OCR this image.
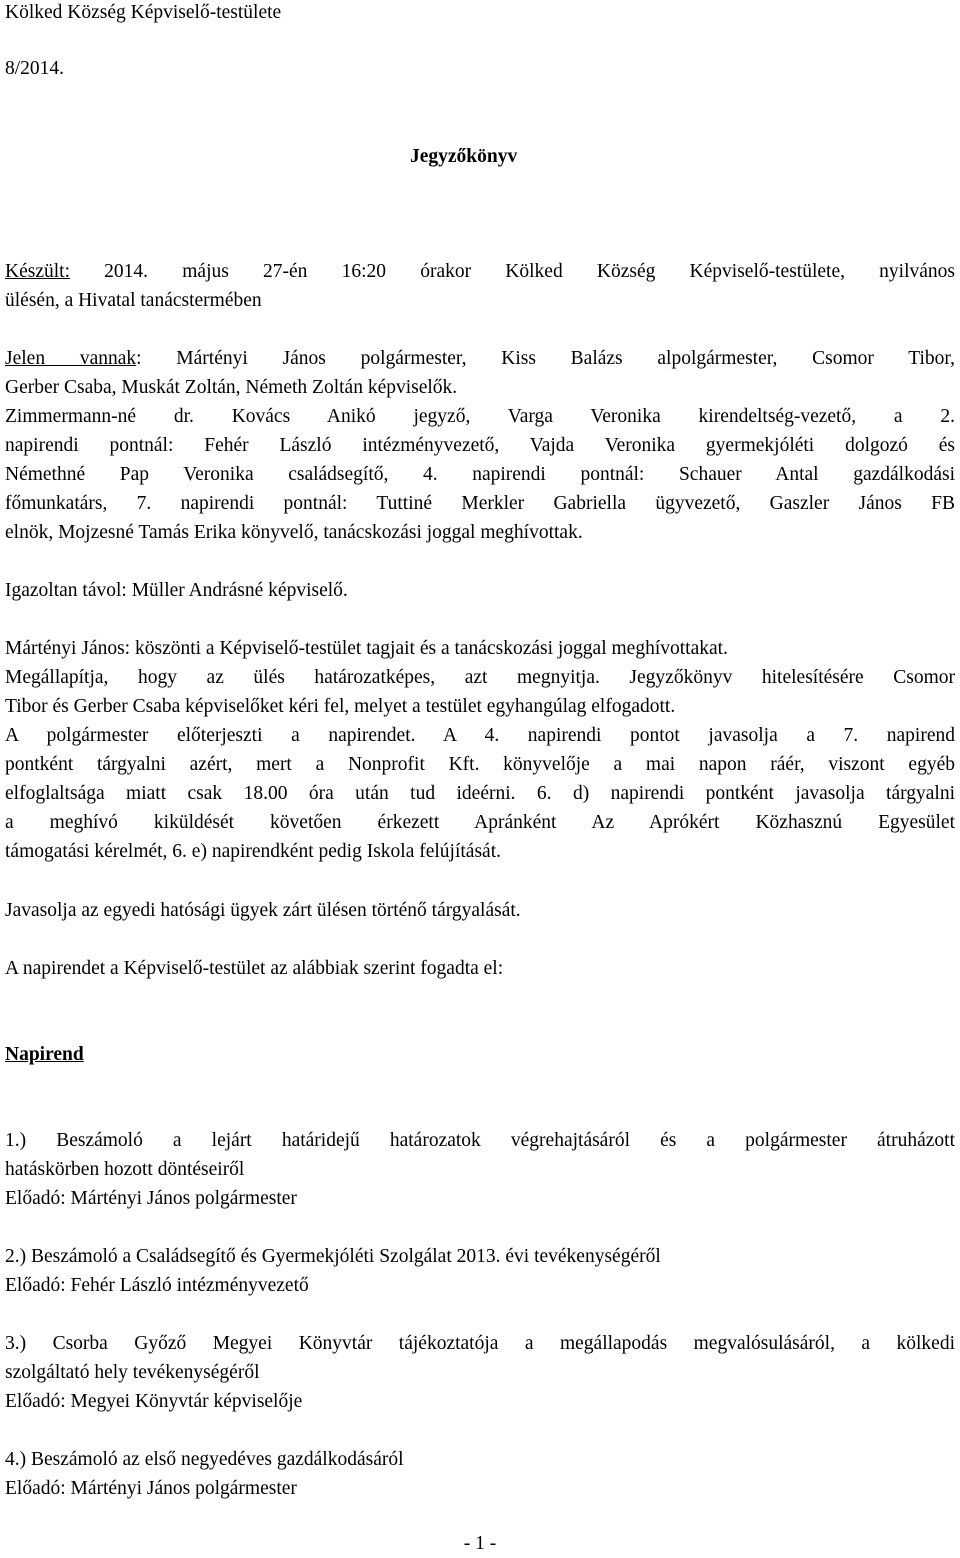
Kölked Község Képviselő-testülete
8/2014.
Jegyzőkönyv
Készült: 2014. május 27-én 16:20 órakor Kölked Község Képviselő-testülete, nyilvános
ülésén, a Hivatal tanácstermében
Jelen vannak: Mártényi János polgármester, Kiss Balázs alpolgármester, Csomor Tibor,
Gerber Csaba, Muskát Zoltán, Németh Zoltán képviselők.
Zimmermann-né dr. Kovács Anikó jegyző, Varga Veronika kirendeltség-vezető, a 2.
napirendi pontnál: Fehér László intézményvezető, Vajda Veronika gyermekjóléti dolgozó és
Némethné Pap Veronika családsegítő, 4. napirendi pontnál: Schauer Antal gazdálkodási
főmunkatárs, 7. napirendi pontnál: Tuttiné Merkler Gabriella ügyvezető, Gaszler János FB
elnök, Mojzesné Tamás Erika könyvelő, tanácskozási joggal meghívottak.
Igazoltan távol: Müller Andrásné képviselő.
Mártényi János: köszönti a Képviselő-testület tagjait és a tanácskozási joggal meghívottakat.
Megállapítja, hogy az ülés határozatképes, azt megnyitja. Jegyzőkönyv hitelesítésére Csomor
Tibor és Gerber Csaba képviselőket kéri fel, melyet a testület egyhangúlag elfogadott.
A polgármester előterjeszti a napirendet. A 4. napirendi pontot javasolja a 7. napirend
pontként tárgyalni azért, mert a Nonprofit Kft. könyvelője a mai napon ráér, viszont egyéb
elfoglaltsága miatt csak 18.00 óra után tud ideérni. 6. d) napirendi pontként javasolja tárgyalni
a meghívó kiküldését követően érkezett Apránként Az Aprókért Közhasznú Egyesület
támogatási kérelmét, 6. e) napirendként pedig Iskola felújítását.
Javasolja az egyedi hatósági ügyek zárt ülésen történő tárgyalását.
A napirendet a Képviselő-testület az alábbiak szerint fogadta el:
Napirend
1.) Beszámoló a lejárt határidejű határozatok végrehajtásáról és a polgármester átruházott
hatáskörben hozott döntéseiről
Előadó: Mártényi János polgármester
2.) Beszámoló a Családsegítő és Gyermekjóléti Szolgálat 2013. évi tevékenységéről
Előadó: Fehér László intézményvezető
3.) Csorba Győző Megyei Könyvtár tájékoztatója a megállapodás megvalósulásáról, a kölkedi
szolgáltató hely tevékenységéről
Előadó: Megyei Könyvtár képviselője
4.) Beszámoló az első negyedéves gazdálkodásáról
Előadó: Mártényi János polgármester
- 1 -
